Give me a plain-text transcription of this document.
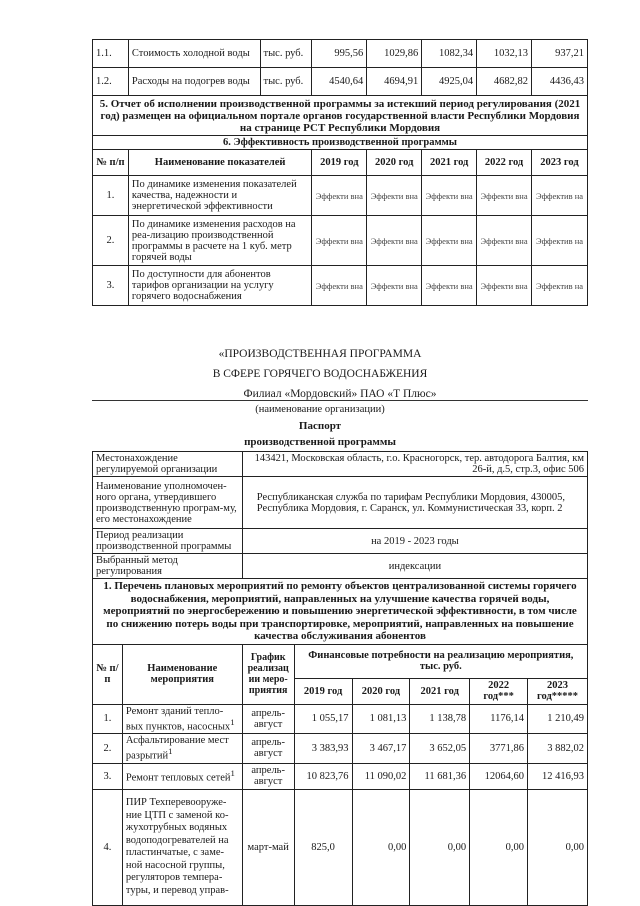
1.1.	Стоимость холодной воды	тыс. руб.	995,56	1029,86	1082,34	1032,13	937,21
1.2.	Расходы на подогрев воды	тыс. руб.	4540,64	4694,91	4925,04	4682,82	4436,43
5. Отчет об исполнении производственной программы за истекший период регулирования (2021 год) размещен на официальном портале органов государственной власти Республики Мордовия на странице РСТ Республики Мордовия							
6. Эффективность производственной программы							
№ п/п	Наименование показателей		2019 год	2020 год	2021 год	2022 год	2023 год
1.	По динамике изменения показателей качества, надежности и энергетической эффективности		Эффекти вна	Эффекти вна	Эффекти вна	Эффекти вна	Эффектив на
2.	По динамике изменения расходов на реа-лизацию производственной программы в расчете на 1 куб. метр горячей воды		Эффекти вна	Эффекти вна	Эффекти вна	Эффекти вна	Эффектив на
3.	По доступности для абонентов тарифов организации на услугу горячего водоснабжения		Эффекти вна	Эффекти вна	Эффекти вна	Эффекти вна	Эффектив на
«ПРОИЗВОДСТВЕННАЯ ПРОГРАММА
В СФЕРЕ ГОРЯЧЕГО ВОДОСНАБЖЕНИЯ
Филиал «Мордовский» ПАО «Т Плюс»
(наименование организации)
Паспорт
производственной программы
Местонахождение регулируемой организации	143421, Московская область, г.о. Красногорск, тер. автодорога Балтия, км 26-й, д.5, стр.3, офис 506
Наименование уполномочен-ного органа, утвердившего производственную програм-му, его местонахождение	Республиканская служба по тарифам Республики Мордовия, 430005, Республика Мордовия, г. Саранск, ул. Коммунистическая 33, корп. 2
Период реализации производственной программы	на 2019 - 2023 годы
Выбранный метод регулирования	индексации
1. Перечень плановых мероприятий по ремонту объектов централизованной системы горячего водоснабжения, мероприятий, направленных на улучшение качества горячей воды, мероприятий по энергосбережению и повышению энергетической эффективности, в том числе по снижению потерь воды при транспортировке, мероприятий, направленных на повышение качества обслуживания абонентов							
№ п/п	Наименование мероприятия	График реализац ии меро-приятия	Финансовые потребности на реализацию мероприятия, тыс. руб.				
			2019 год	2020 год	2021 год	2022 год***	2023 год*****
1.	Ремонт зданий тепло-вых пунктов, насосных$^1$	апрель-август	1 055,17	1 081,13	1 138,78	1176,14	1 210,49
2.	Асфальтирование мест разрытий$^1$	апрель-август	3 383,93	3 467,17	3 652,05	3771,86	3 882,02
3.	Ремонт тепловых сетей$^1$	апрель-август	10 823,76	11 090,02	11 681,36	12064,60	12 416,93
4.	ПИР Техперевооруже-ние ЦТП с заменой ко-жухотрубных водяных водоподогревателей на пластинчатые, с заме-ной насосной группы, регуляторов темпера-туры, и перевод управ-	март-май	825,0	0,00	0,00	0,00	0,00
